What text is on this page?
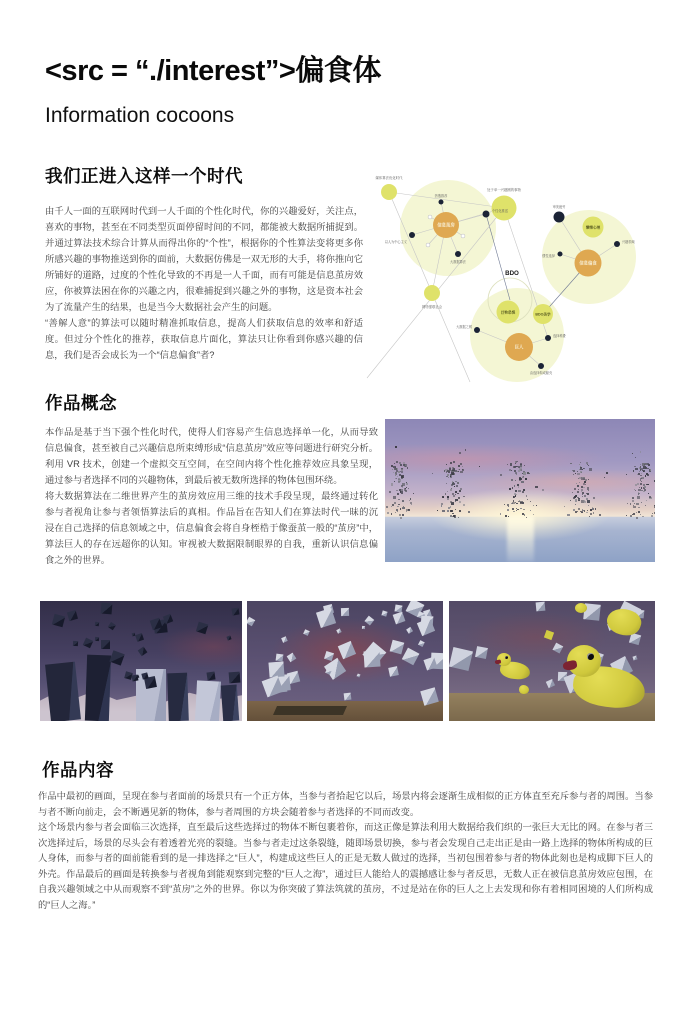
<src = “./interest”>偏食体
Information cocoons
我们正进入这样一个时代

由千人一面的互联网时代到一人千面的个性化时代，你的兴趣爱好，关注点，喜欢的事物，甚至在不同类型页面停留时间的不同，都能被大数据所捕捉到。并通过算法技术综合计算从而得出你的“个性”，根据你的个性算法变将更多你所感兴趣的事物推送到你的面前，大数据仿佛是一双无形的大手，将你推向它所铺好的道路，过度的个性化导致的不再是一人千面，而有可能是信息茧房效应，你被算法困在你的兴趣之内，很难捕捉到兴趣之外的事物，这是资本社会为了流量产生的结果，也是当今大数据社会产生的问题。

“善解人意”的算法可以随时精准抓取信息，提高人们获取信息的效率和舒适度。但过分个性化的推荐，获取信息片面化，算法只让你看到你感兴趣的信息，我们是否会成长为一个“信息偏食”者?

媒体算法优化时代
处于单一兴趣圈的事物
网络强联社会
懒惰心理
巨物恐惧	BDO美学
信息茧房
信息偏食
巨人
热搜推荐
个性化推送
以人为中心主义
大数据算法
审美疲劳
兴趣领域
惯性选择
大数据之网
选择堆叠
由选择构成躯壳
BDO
作品概念

本作品是基于当下强个性化时代，使得人们容易产生信息选择单一化，从而导致信息偏食，甚至被自己兴趣信息所束缚形成“信息茧房”效应等问题进行研究分析。利用 VR 技术，创建一个虚拟交互空间，在空间内将个性化推荐效应具象呈现，通过参与者选择不同的兴趣物体，到最后被无数所选择的物体包围环绕。

将大数据算法在二维世界产生的茧房效应用三维的技术手段呈现，最终通过转化参与者视角让参与者领悟算法后的真相。作品旨在告知人们在算法时代一昧的沉浸在自己选择的信息领域之中，信息偏食会将自身桎梏于像蚕茧一般的“茧房”中，算法巨人的存在远超你的认知。审视被大数据限制眼界的自我，重新认识信息偏食之外的世界。

作品内容

作品中最初的画面，呈现在参与者面前的场景只有一个正方体，当参与者拾起它以后，场景内将会逐渐生成相似的正方体直至充斥参与者的周围。当参与者不断向前走，会不断遇见新的物体，参与者周围的方块会随着参与者选择的不同而改变。

这个场景内参与者会面临三次选择，直至最后这些选择过的物体不断包裹着你，而这正像是算法利用大数据给我们织的一张巨大无比的网。在参与者三次选择过后，场景的尽头会有着透着光亮的裂缝。当参与者走过这条裂缝，随即场景切换，参与者会发现自己走出正是由一路上选择的物体所构成的巨人身体，而参与者的面前能看到的是一排选择之“巨人”，构建成这些巨人的正是无数人做过的选择，当初包围着参与者的物体此刻也是构成脚下巨人的外壳。作品最后的画面是转换参与者视角到能观察到完整的“巨人之海”，通过巨人能给人的震撼感让参与者反思，无数人正在被信息茧房效应包围，在自我兴趣领域之中从而观察不到“茧房”之外的世界。你以为你突破了算法筑就的茧房，不过是站在你的巨人之上去发现和你有着相同困境的人们所构成的“巨人之海。”
